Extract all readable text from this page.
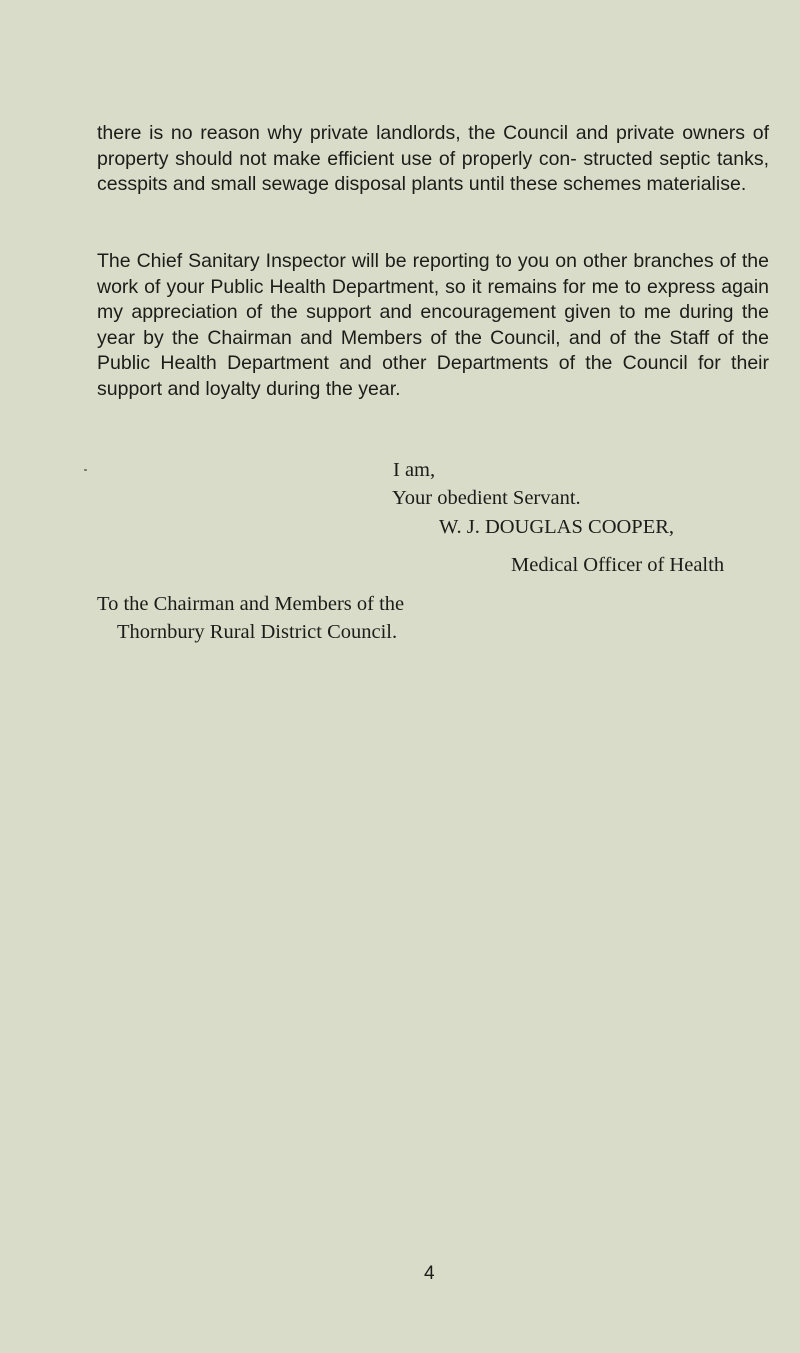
there is no reason why private landlords, the Council and private owners of property should not make efficient use of properly con- structed septic tanks, cesspits and small sewage disposal plants until these schemes materialise.
The Chief Sanitary Inspector will be reporting to you on other branches of the work of your Public Health Department, so it remains for me to express again my appreciation of the support and encouragement given to me during the year by the Chairman and Members of the Council, and of the Staff of the Public Health Department and other Departments of the Council for their support and loyalty during the year.
I am,
Your obedient Servant.
W. J. DOUGLAS COOPER,
Medical Officer of Health
To the Chairman and Members of the
Thornbury Rural District Council.
4
